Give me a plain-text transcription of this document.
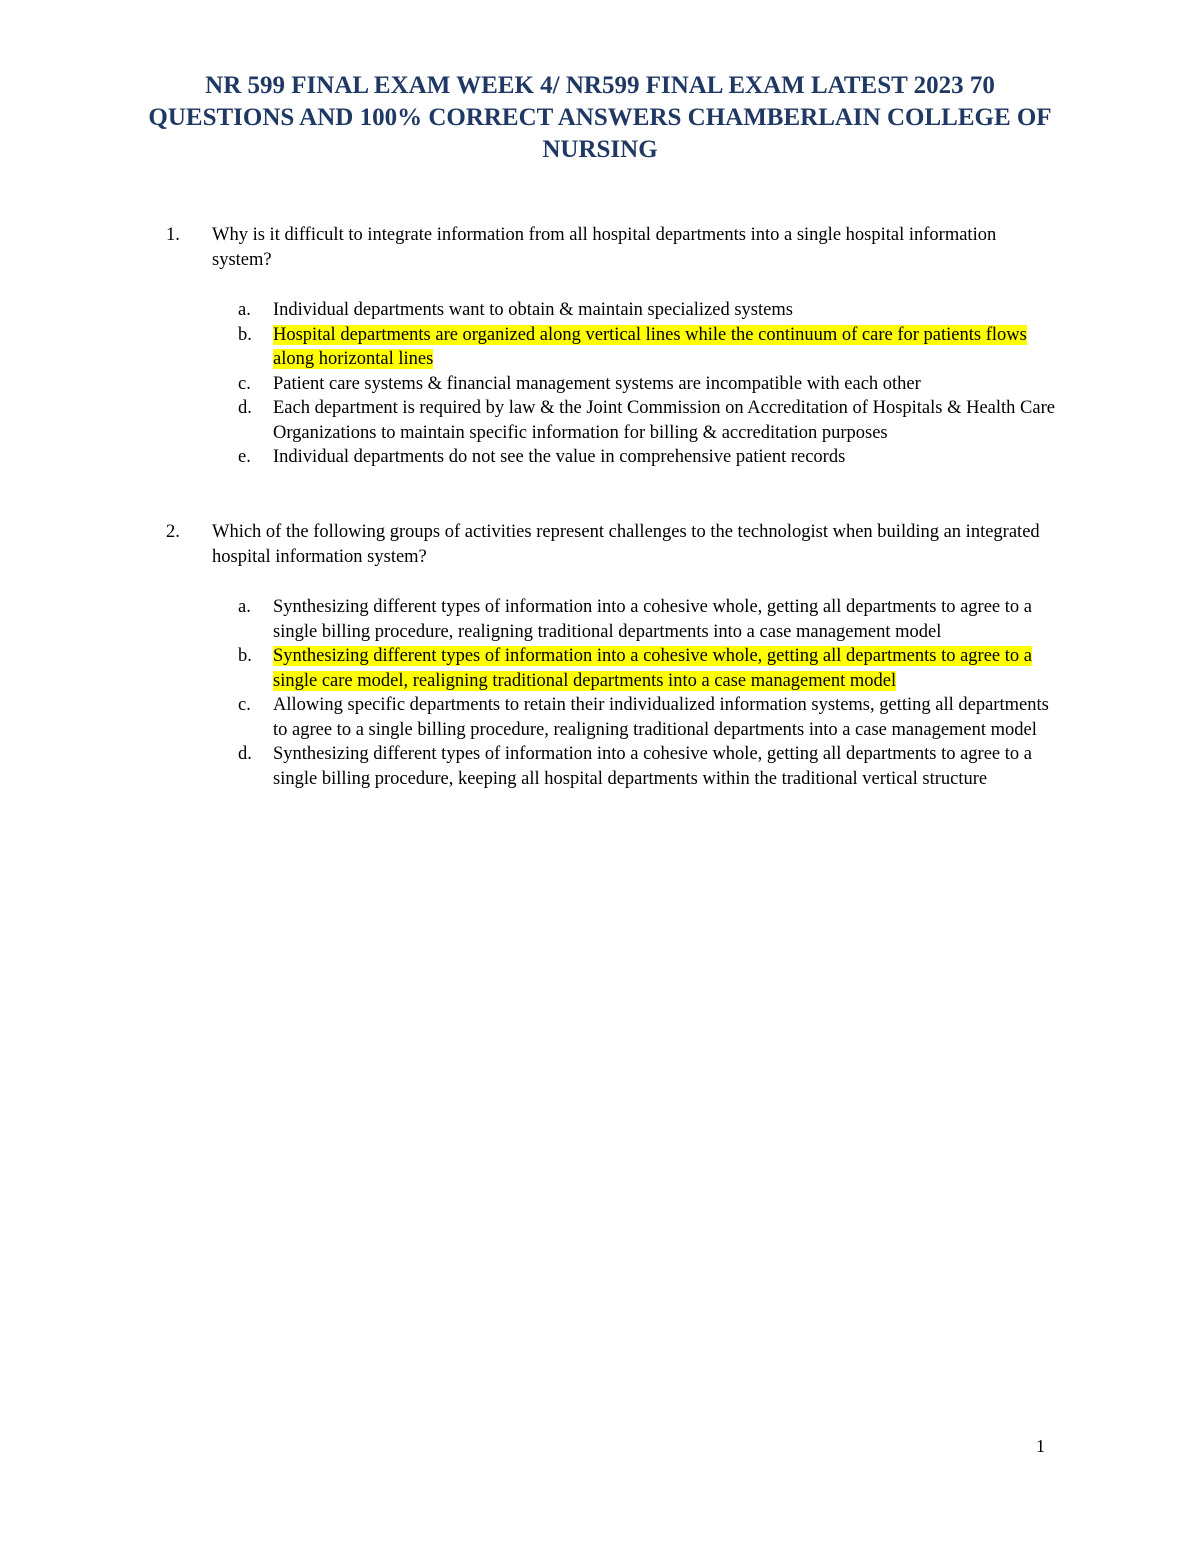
NR 599 FINAL EXAM WEEK 4/ NR599 FINAL EXAM LATEST 2023 70 QUESTIONS AND 100% CORRECT ANSWERS CHAMBERLAIN COLLEGE OF NURSING
1.	Why is it difficult to integrate information from all hospital departments into a single hospital information system?
a. Individual departments want to obtain & maintain specialized systems
b. Hospital departments are organized along vertical lines while the continuum of care for patients flows along horizontal lines
c. Patient care systems & financial management systems are incompatible with each other
d. Each department is required by law & the Joint Commission on Accreditation of Hospitals & Health Care Organizations to maintain specific information for billing & accreditation purposes
e. Individual departments do not see the value in comprehensive patient records
2.	Which of the following groups of activities represent challenges to the technologist when building an integrated hospital information system?
a. Synthesizing different types of information into a cohesive whole, getting all departments to agree to a single billing procedure, realigning traditional departments into a case management model
b. Synthesizing different types of information into a cohesive whole, getting all departments to agree to a single care model, realigning traditional departments into a case management model
c. Allowing specific departments to retain their individualized information systems, getting all departments to agree to a single billing procedure, realigning traditional departments into a case management model
d. Synthesizing different types of information into a cohesive whole, getting all departments to agree to a single billing procedure, keeping all hospital departments within the traditional vertical structure
1
